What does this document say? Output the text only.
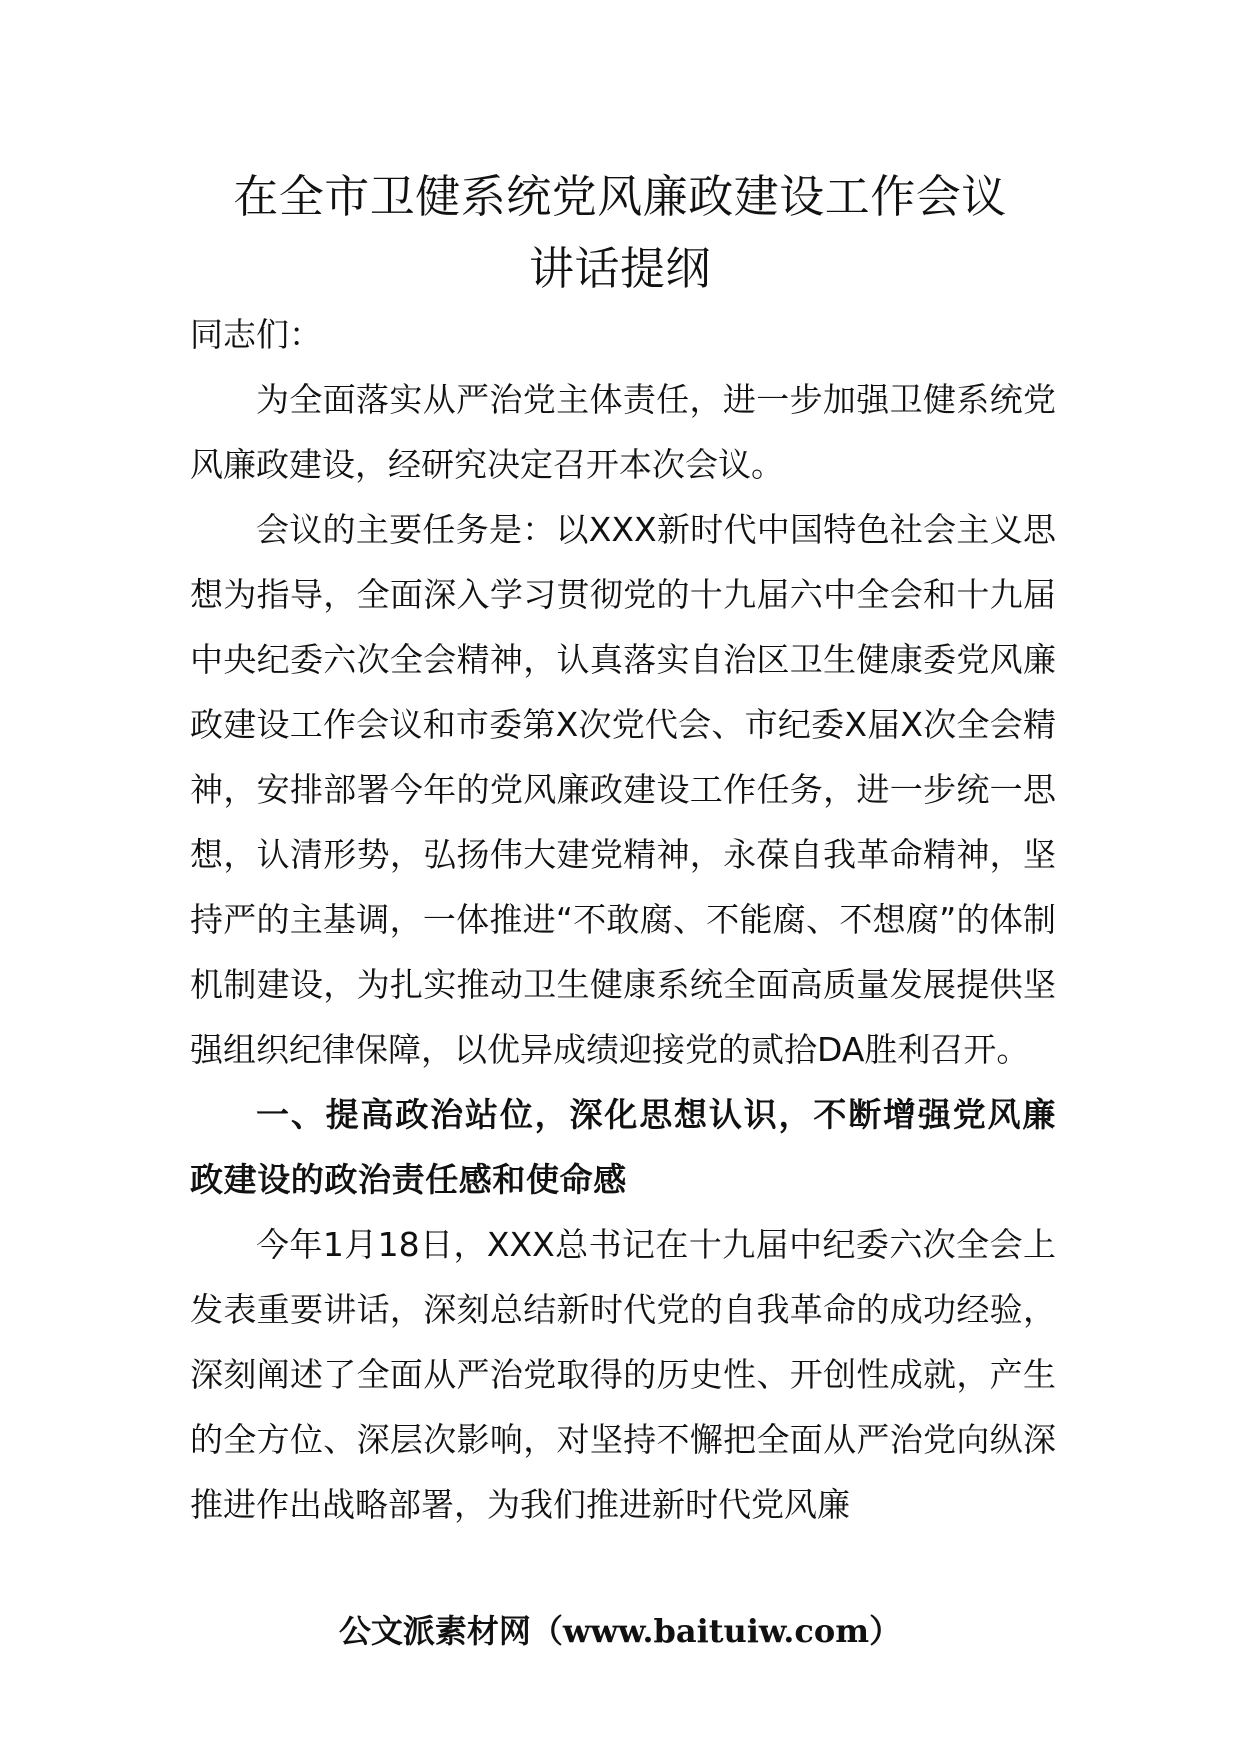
在全市卫健系统党风廉政建设工作会议
讲话提纲

同志们：

为全面落实从严治党主体责任，进一步加强卫健系统党风廉政建设，经研究决定召开本次会议。

会议的主要任务是：以XXX新时代中国特色社会主义思想为指导，全面深入学习贯彻党的十九届六中全会和十九届中央纪委六次全会精神，认真落实自治区卫生健康委党风廉政建设工作会议和市委第X次党代会、市纪委X届X次全会精神，安排部署今年的党风廉政建设工作任务，进一步统一思想，认清形势，弘扬伟大建党精神，永葆自我革命精神，坚持严的主基调，一体推进“不敢腐、不能腐、不想腐”的体制机制建设，为扎实推动卫生健康系统全面高质量发展提供坚强组织纪律保障，以优异成绩迎接党的贰拾DA胜利召开。

一、提高政治站位，深化思想认识，不断增强党风廉政建设的政治责任感和使命感

今年1月18日，XXX总书记在十九届中纪委六次全会上发表重要讲话，深刻总结新时代党的自我革命的成功经验，深刻阐述了全面从严治党取得的历史性、开创性成就，产生的全方位、深层次影响，对坚持不懈把全面从严治党向纵深推进作出战略部署，为我们推进新时代党风廉

公文派素材网（www.baituiw.com）
